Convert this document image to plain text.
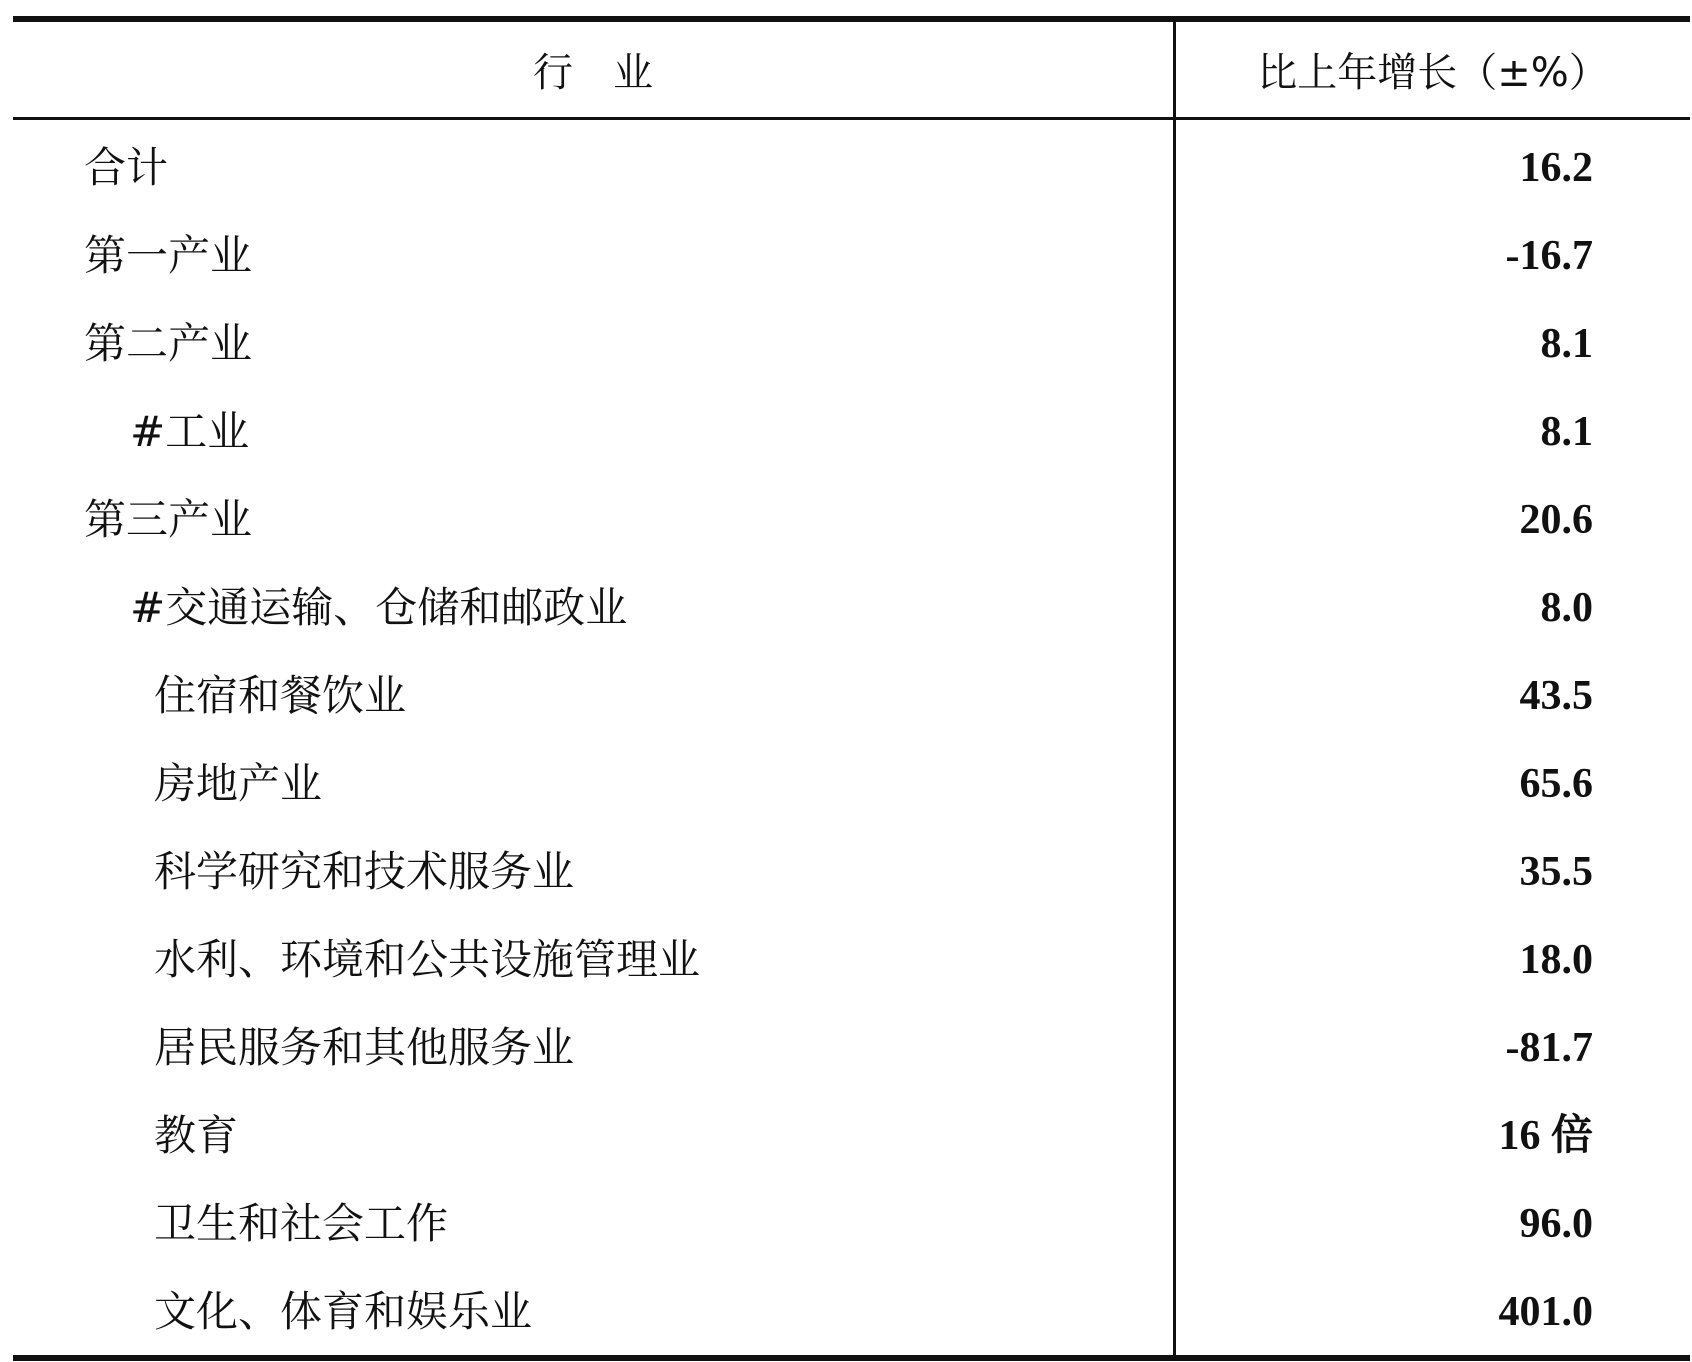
行　业	比上年增长（±%）
合计	16.2
第一产业	-16.7
第二产业	8.1
#工业	8.1
第三产业	20.6
#交通运输、仓储和邮政业	8.0
住宿和餐饮业	43.5
房地产业	65.6
科学研究和技术服务业	35.5
水利、环境和公共设施管理业	18.0
居民服务和其他服务业	-81.7
教育	16 倍
卫生和社会工作	96.0
文化、体育和娱乐业	401.0
